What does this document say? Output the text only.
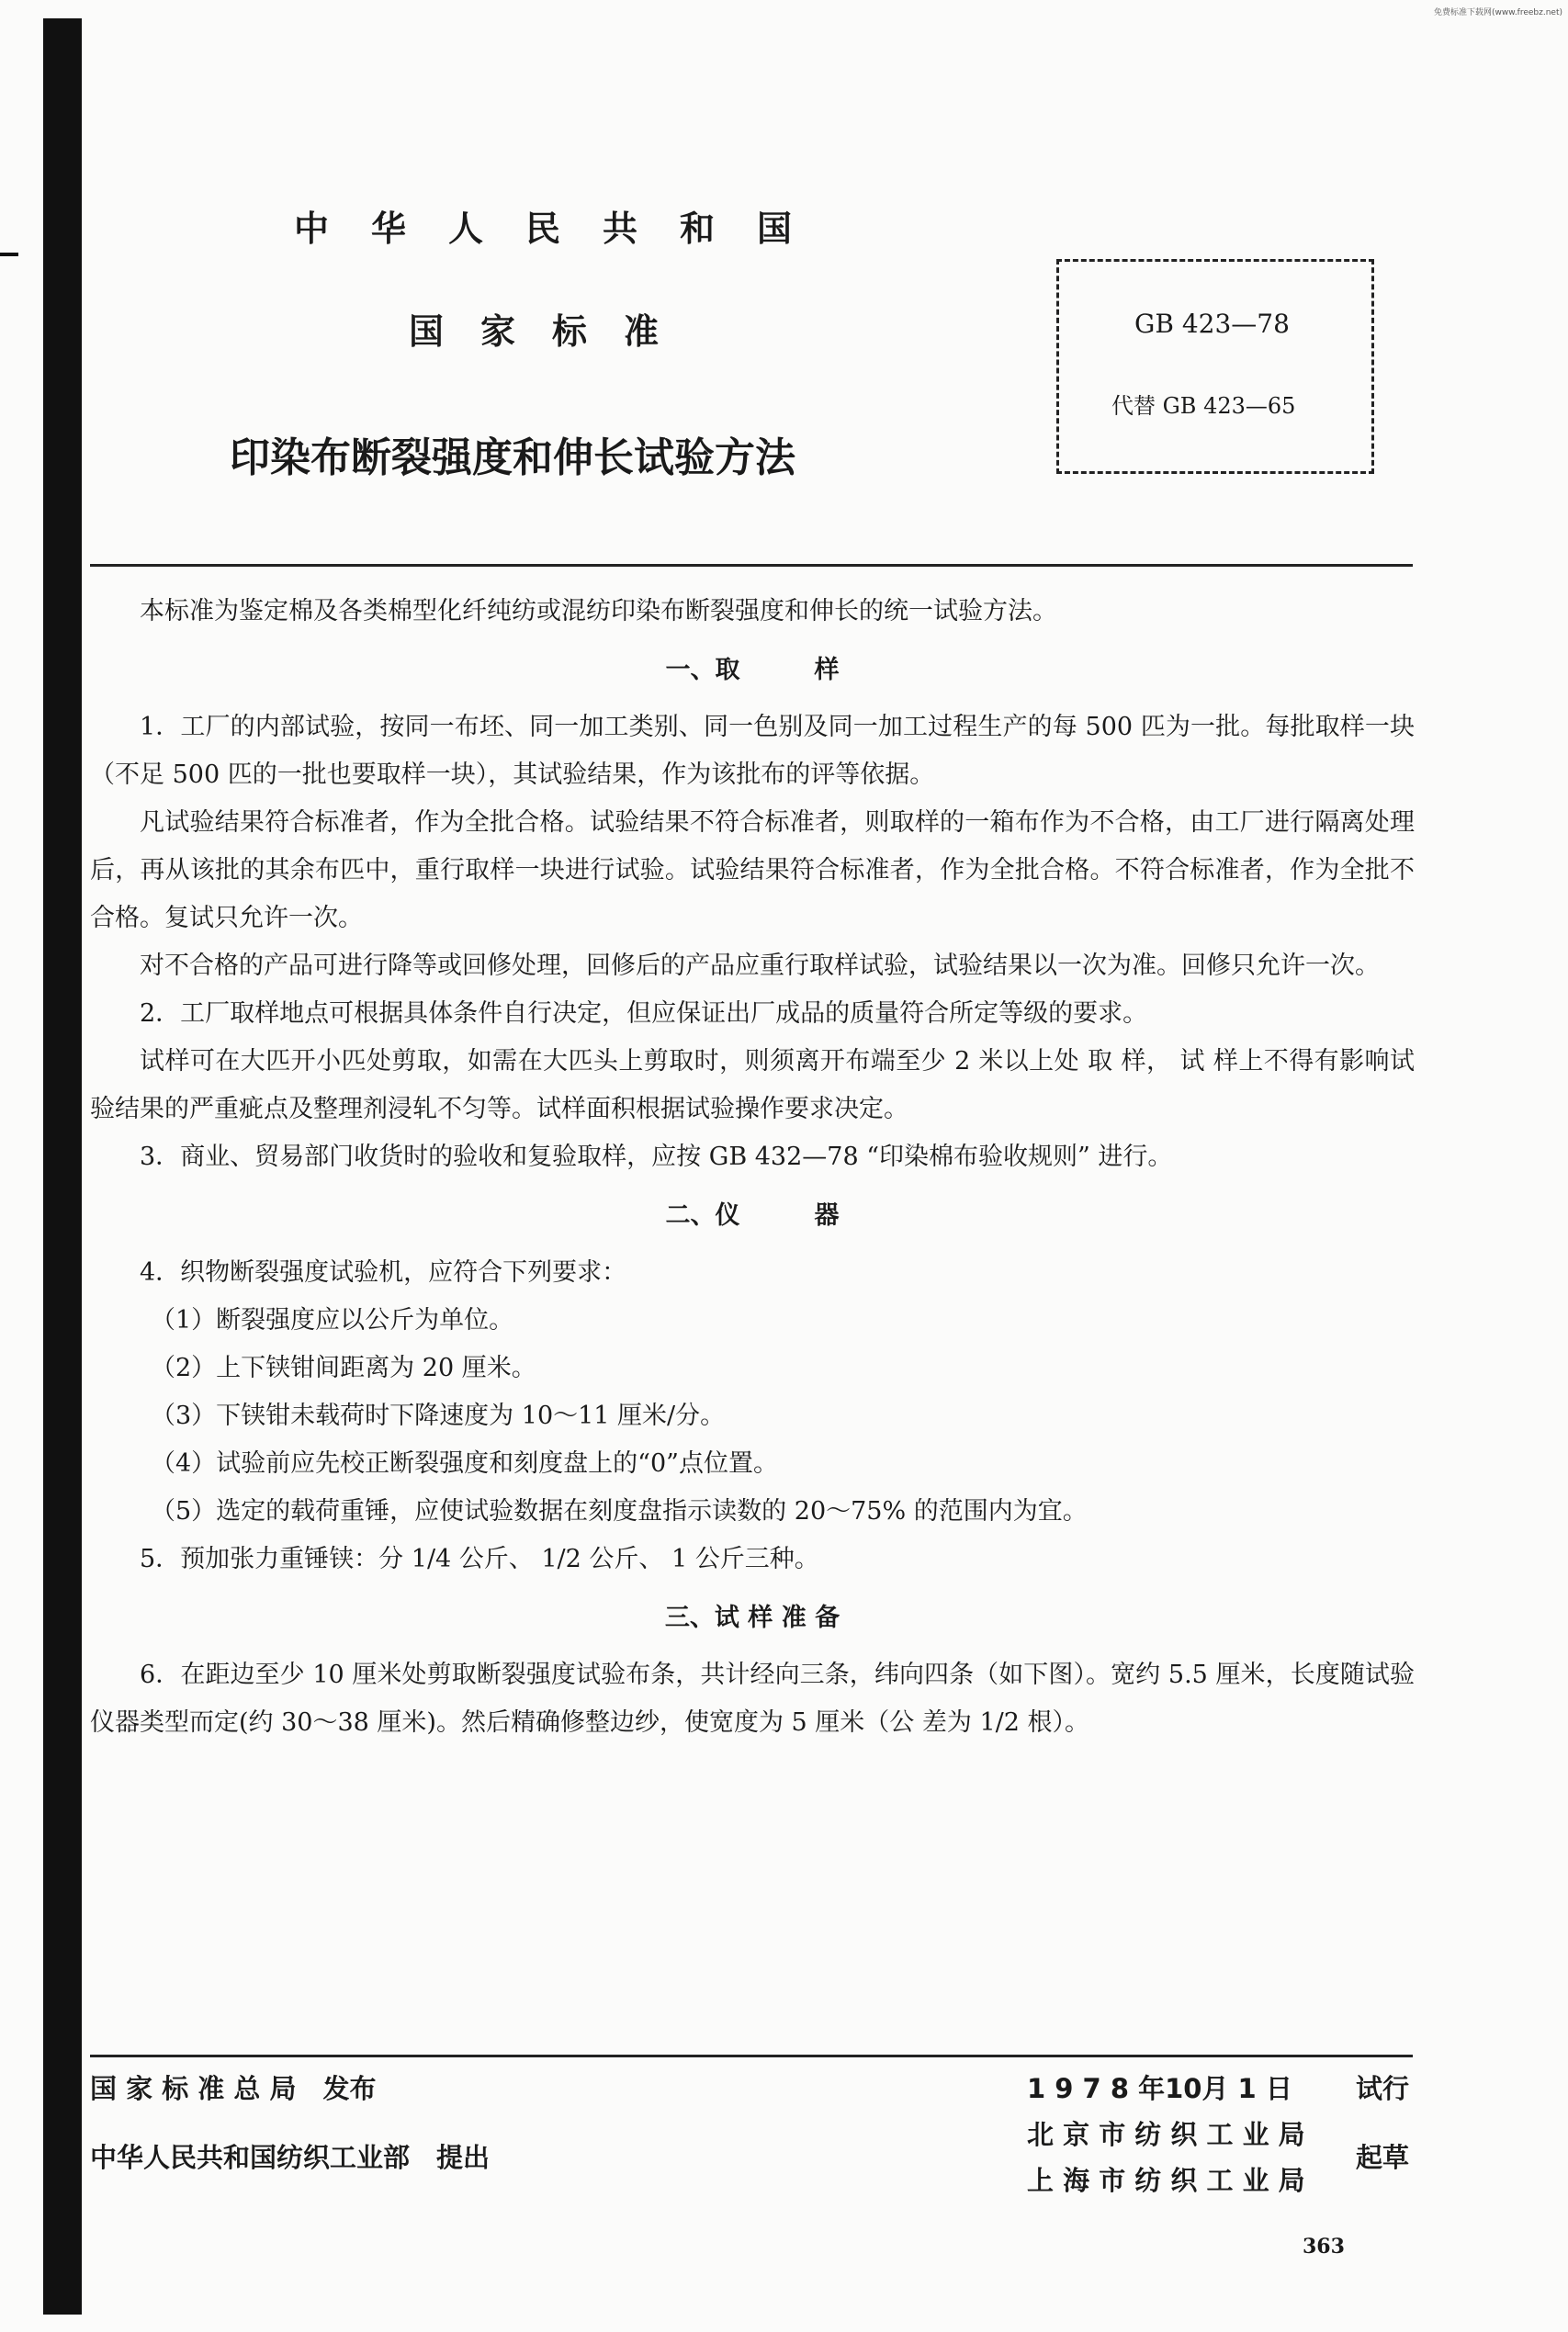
免费标准下载网(www.freebz.net)
中华人民共和国
国家标准
印染布断裂强度和伸长试验方法
GB 423—78
代替 GB 423—65

本标准为鉴定棉及各类棉型化纤纯纺或混纺印染布断裂强度和伸长的统一试验方法。

一、取　　　样

1．工厂的内部试验，按同一布坯、同一加工类别、同一色别及同一加工过程生产的每 500 匹为一批。每批取样一块（不足 500 匹的一批也要取样一块），其试验结果，作为该批布的评等依据。

凡试验结果符合标准者，作为全批合格。试验结果不符合标准者，则取样的一箱布作为不合格，由工厂进行隔离处理后，再从该批的其余布匹中，重行取样一块进行试验。试验结果符合标准者，作为全批合格。不符合标准者，作为全批不合格。复试只允许一次。

对不合格的产品可进行降等或回修处理，回修后的产品应重行取样试验，试验结果以一次为准。回修只允许一次。

2．工厂取样地点可根据具体条件自行决定，但应保证出厂成品的质量符合所定等级的要求。

试样可在大匹开小匹处剪取，如需在大匹头上剪取时，则须离开布端至少 2 米以上处 取 样， 试 样上不得有影响试验结果的严重疵点及整理剂浸轧不匀等。试样面积根据试验操作要求决定。

3．商业、贸易部门收货时的验收和复验取样，应按 GB 432—78 “印染棉布验收规则” 进行。

二、仪　　　器

4．织物断裂强度试验机，应符合下列要求：

（1）断裂强度应以公斤为单位。

（2）上下铗钳间距离为 20 厘米。

（3）下铗钳未载荷时下降速度为 10～11 厘米/分。

（4）试验前应先校正断裂强度和刻度盘上的“0”点位置。

（5）选定的载荷重锤，应使试验数据在刻度盘指示读数的 20～75% 的范围内为宜。

5．预加张力重锤铗：分 1/4 公斤、 1/2 公斤、 1 公斤三种。

三、试 样 准 备

6．在距边至少 10 厘米处剪取断裂强度试验布条，共计经向三条，纬向四条（如下图）。宽约 5.5 厘米，长度随试验仪器类型而定(约 30～38 厘米)。然后精确修整边纱，使宽度为 5 厘米（公 差为 1/2 根）。

国 家 标 准 总 局　发布
中华人民共和国纺织工业部　提出
1 9 7 8 年10月 1 日 试行
北 京 市 纺 织 工 业 局
上 海 市 纺 织 工 业 局
起草
363
